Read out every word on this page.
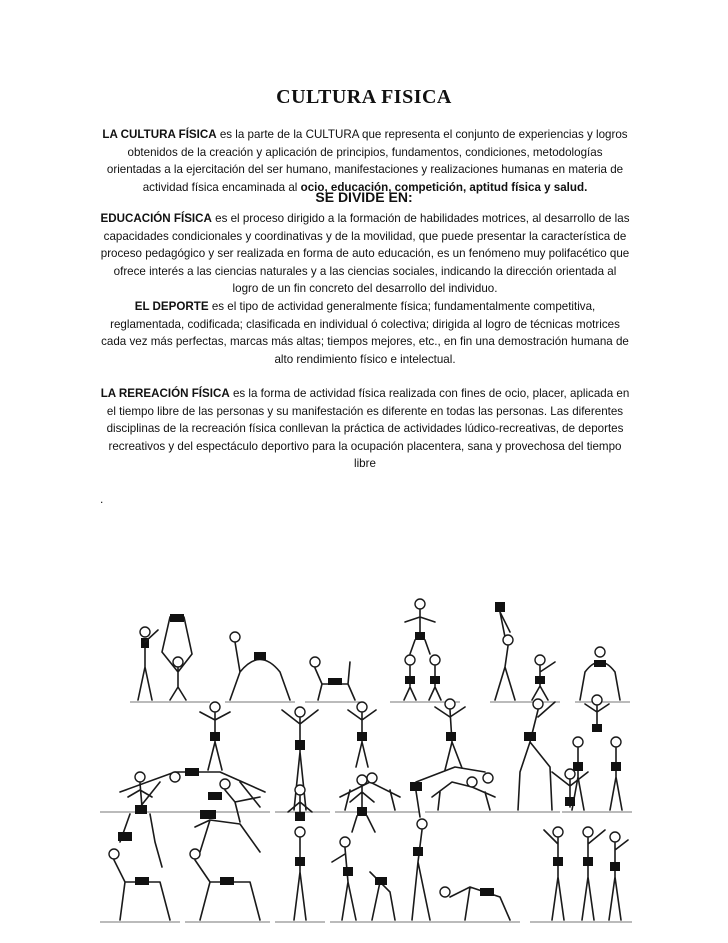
CULTURA FISICA

LA CULTURA FÍSICA es la parte de la CULTURA que representa el conjunto de experiencias y logros obtenidos de la creación y aplicación de principios, fundamentos, condiciones, metodologías orientadas a la ejercitación del ser humano, manifestaciones y realizaciones humanas en materia de actividad física encaminada al ocio, educación, competición, aptitud física y salud.

SE DIVIDE EN:

EDUCACIÓN FÍSICA es el proceso dirigido a la formación de habilidades motrices, al desarrollo de las capacidades condicionales y coordinativas y de la movilidad, que puede presentar la característica de proceso pedagógico y ser realizada en forma de auto educación, es un fenómeno muy polifacético que ofrece interés a las ciencias naturales y a las ciencias sociales, indicando la dirección orientada al logro de un fin concreto del desarrollo del individuo.

EL DEPORTE es el tipo de actividad generalmente física; fundamentalmente competitiva, reglamentada, codificada; clasificada en individual ó colectiva; dirigida al logro de técnicas motrices cada vez más perfectas, marcas más altas; tiempos mejores, etc., en fin una demostración humana de alto rendimiento físico e intelectual.

LA REREACIÓN FÍSICA es la forma de actividad física realizada con fines de ocio, placer, aplicada en el tiempo libre de las personas y su manifestación es diferente en todas las personas. Las diferentes disciplinas de la recreación física conllevan la práctica de actividades lúdico-recreativas, de deportes recreativos y del espectáculo deportivo para la ocupación placentera, sana y provechosa del tiempo libre

.
